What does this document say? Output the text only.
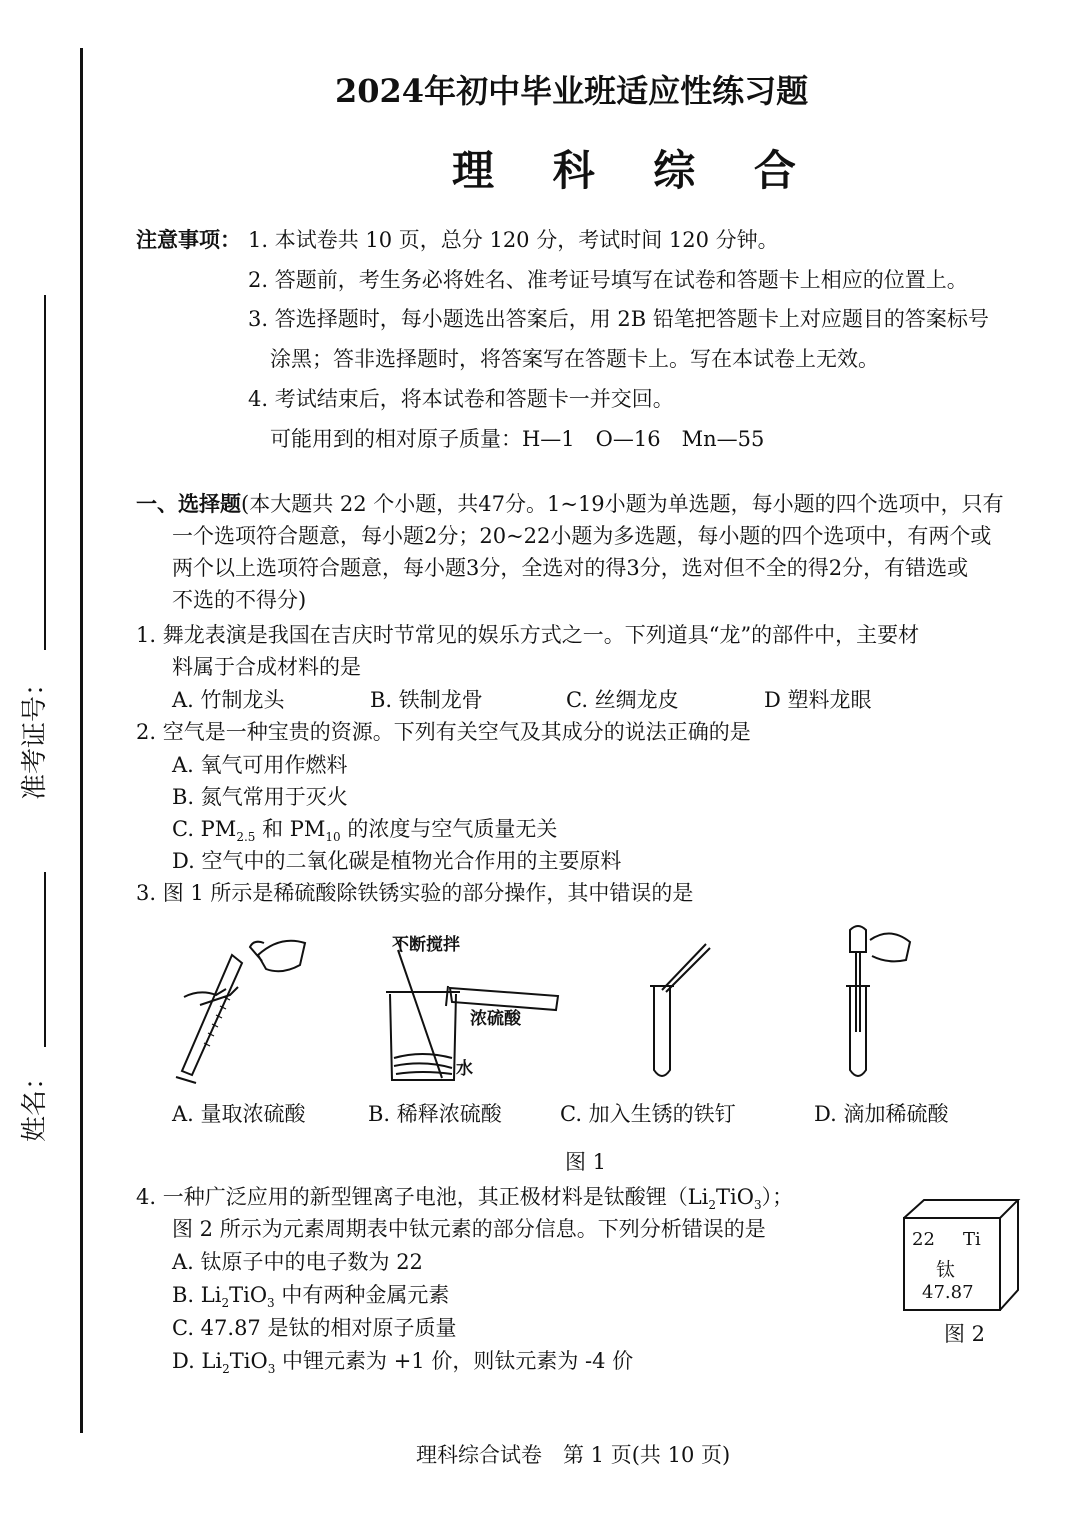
准考证号：
姓名：
2024年初中毕业班适应性练习题
理 科 综 合
注意事项： 1. 本试卷共 10 页，总分 120 分，考试时间 120 分钟。
2. 答题前，考生务必将姓名、准考证号填写在试卷和答题卡上相应的位置上。
3. 答选择题时，每小题选出答案后，用 2B 铅笔把答题卡上对应题目的答案标号
涂黑；答非选择题时，将答案写在答题卡上。写在本试卷上无效。
4. 考试结束后，将本试卷和答题卡一并交回。
可能用到的相对原子质量：H—1　O—16　Mn—55
一、选择题(本大题共 22 个小题，共47分。1~19小题为单选题，每小题的四个选项中，只有
一个选项符合题意，每小题2分；20~22小题为多选题，每小题的四个选项中，有两个或
两个以上选项符合题意，每小题3分，全选对的得3分，选对但不全的得2分，有错选或
不选的不得分)
1. 舞龙表演是我国在吉庆时节常见的娱乐方式之一。下列道具“龙”的部件中，主要材
料属于合成材料的是
A. 竹制龙头	B. 铁制龙骨	C. 丝绸龙皮	D 塑料龙眼
2. 空气是一种宝贵的资源。下列有关空气及其成分的说法正确的是
A. 氧气可用作燃料
B. 氮气常用于灭火
C. $PM_{2.5}$ 和 $PM_{10}$ 的浓度与空气质量无关
D. 空气中的二氧化碳是植物光合作用的主要原料
3. 图 1 所示是稀硫酸除铁锈实验的部分操作，其中错误的是
不断搅拌
浓硫酸
水
A. 量取浓硫酸	B. 稀释浓硫酸	C. 加入生锈的铁钉	D. 滴加稀硫酸
图 1
4. 一种广泛应用的新型锂离子电池，其正极材料是钛酸锂$(Li_2TiO_3)$；
图 2 所示为元素周期表中钛元素的部分信息。下列分析错误的是
A. 钛原子中的电子数为 22
B. $Li_2TiO_3$ 中有两种金属元素
C. 47.87 是钛的相对原子质量
D. $Li_2TiO_3$ 中锂元素为 +1 价，则钛元素为 -4 价
22 Ti
钛
47.87
图 2
理科综合试卷　第 1 页(共 10 页)
